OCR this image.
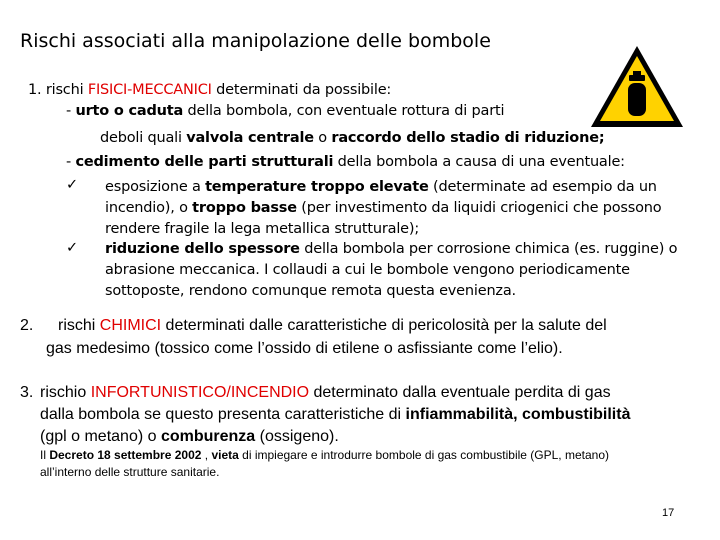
Rischi associati alla manipolazione delle bombole
1. rischi FISICI-MECCANICI determinati da possibile:
- urto o caduta della bombola, con eventuale rottura di parti
deboli quali valvola centrale o raccordo dello stadio di riduzione;
- cedimento delle parti strutturali della bombola a causa di una eventuale:
✓ esposizione a temperature troppo elevate (determinate ad esempio da un
incendio), o troppo basse (per investimento da liquidi criogenici che possono
rendere fragile la lega metallica strutturale);
✓ riduzione dello spessore della bombola per corrosione chimica (es. ruggine) o
abrasione meccanica. I collaudi a cui le bombole vengono periodicamente
sottoposte, rendono comunque remota questa evenienza.
2. rischi CHIMICI determinati dalle caratteristiche di pericolosità per la salute del
gas medesimo (tossico come l’ossido di etilene o asfissiante come l’elio).
3. rischio INFORTUNISTICO/INCENDIO determinato dalla eventuale perdita di gas
dalla bombola se questo presenta caratteristiche di infiammabilità, combustibilità
(gpl o metano) o comburenza (ossigeno).
Il Decreto 18 settembre 2002 , vieta di impiegare e introdurre bombole di gas combustibile (GPL, metano)
all’interno delle strutture sanitarie.
17
